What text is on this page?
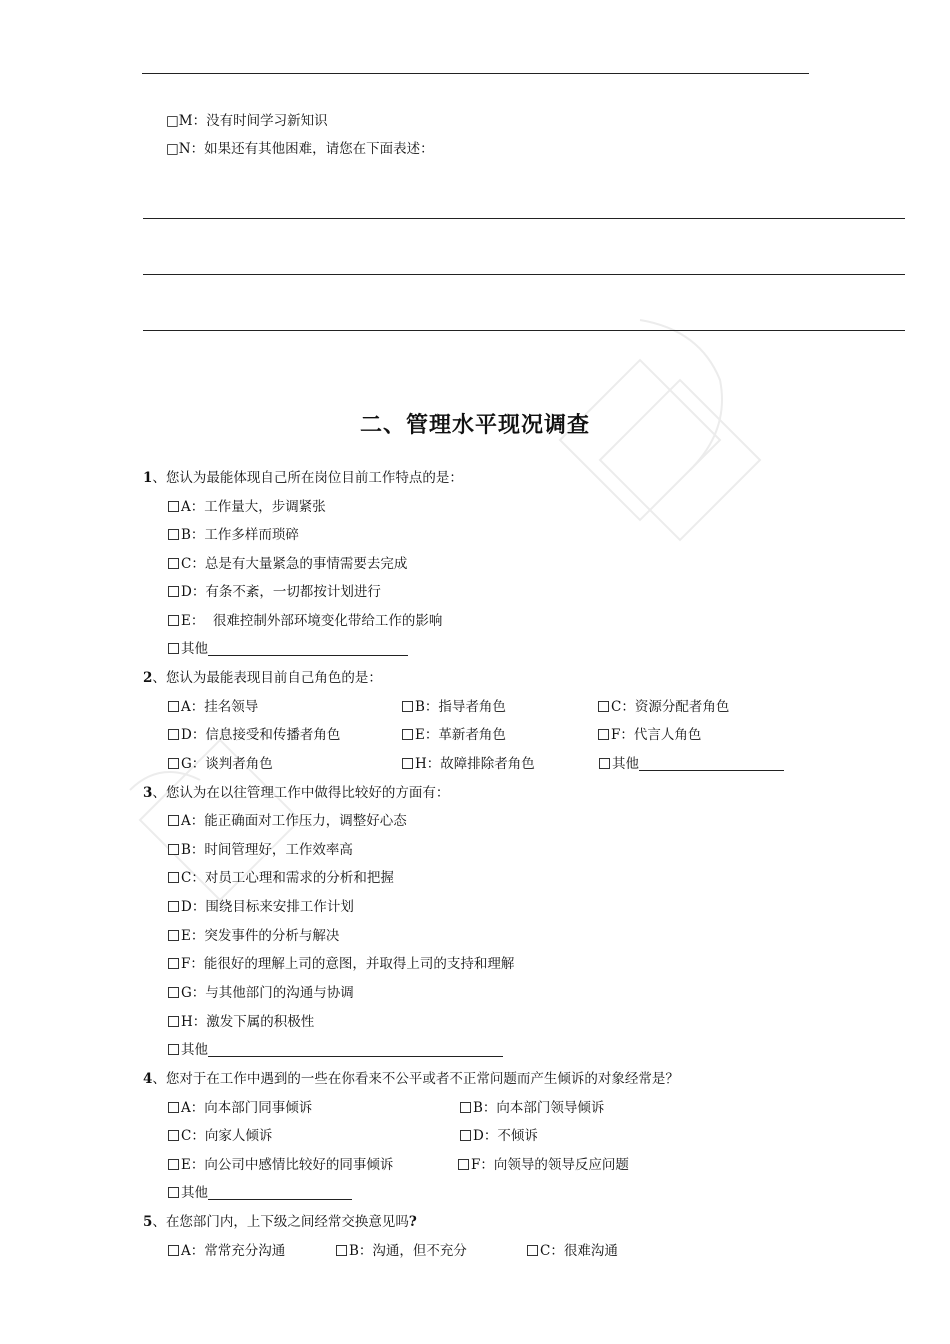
□M：没有时间学习新知识
□N：如果还有其他困难，请您在下面表述：
二、管理水平现况调查
1、您认为最能体现自己所在岗位目前工作特点的是：
A：工作量大，步调紧张
B：工作多样而琐碎
C：总是有大量紧急的事情需要去完成
D：有条不紊，一切都按计划进行
E：  很难控制外部环境变化带给工作的影响
其他
2、您认为最能表现目前自己角色的是：
A：挂名领导	B：指导者角色	C：资源分配者角色
D：信息接受和传播者角色	E：革新者角色	F：代言人角色
G：谈判者角色	H：故障排除者角色	其他
3、您认为在以往管理工作中做得比较好的方面有：
A：能正确面对工作压力，调整好心态
B：时间管理好，工作效率高
C：对员工心理和需求的分析和把握
D：围绕目标来安排工作计划
E：突发事件的分析与解决
F：能很好的理解上司的意图，并取得上司的支持和理解
G：与其他部门的沟通与协调
H：激发下属的积极性
其他
4、您对于在工作中遇到的一些在你看来不公平或者不正常问题而产生倾诉的对象经常是？
A：向本部门同事倾诉	B：向本部门领导倾诉
C：向家人倾诉	D：不倾诉
E：向公司中感情比较好的同事倾诉	F：向领导的领导反应问题
其他
5、在您部门内，上下级之间经常交换意见吗?
A：常常充分沟通	B：沟通，但不充分	C：很难沟通
